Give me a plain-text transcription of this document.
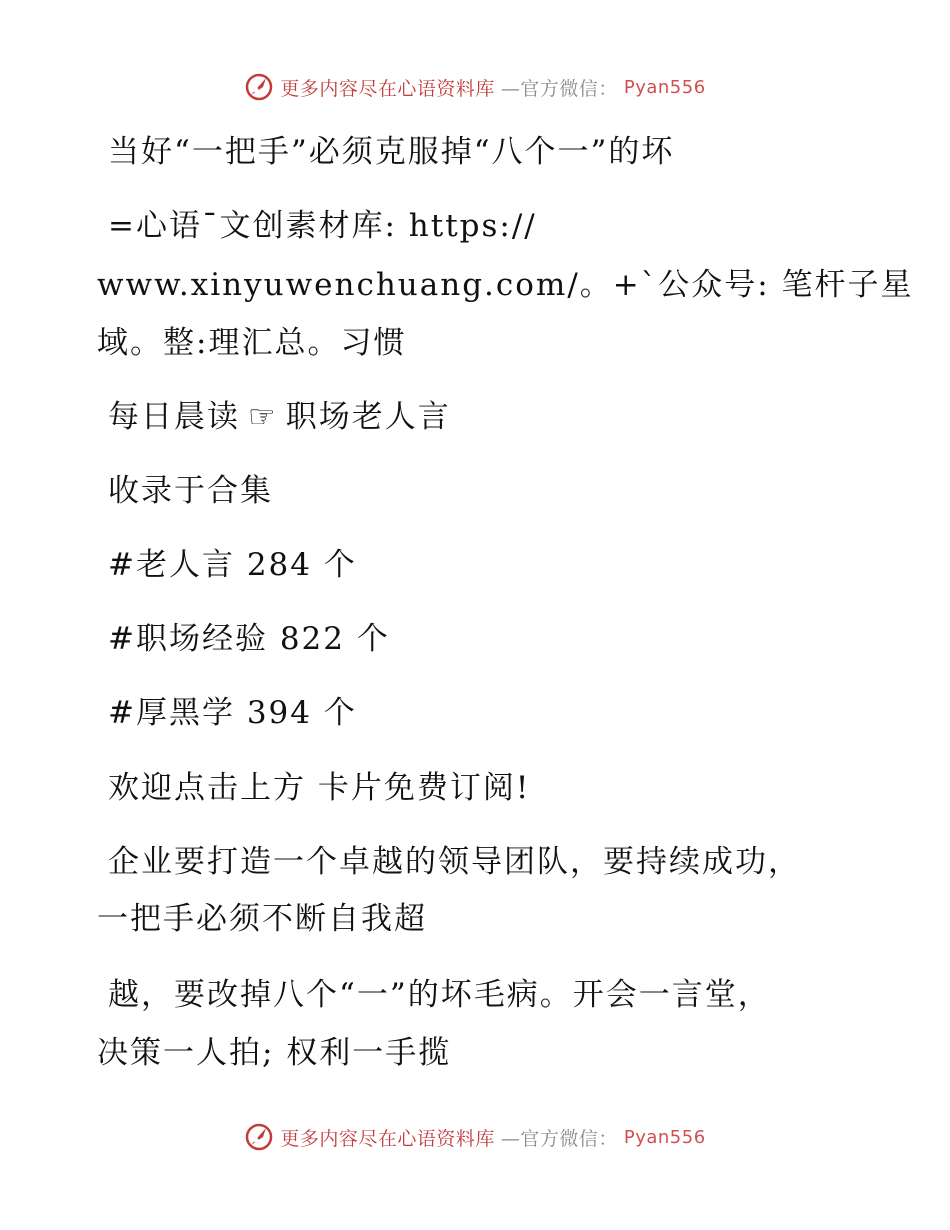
更多内容尽在心语资料库 —官方微信： Pyan556
当好“一把手”必须克服掉“八个一”的坏
=心语¯文创素材库: https://
www.xinyuwenchuang.com/。+`公众号: 笔杆子星
域。整:理汇总。习惯
每日晨读 ☞ 职场老人言
收录于合集
#老人言 284 个
#职场经验 822 个
#厚黑学 394 个
欢迎点击上方 卡片免费订阅!
企业要打造一个卓越的领导团队，要持续成功，
一把手必须不断自我超
越，要改掉八个“一”的坏毛病。开会一言堂，
决策一人拍; 权利一手揽
更多内容尽在心语资料库 —官方微信： Pyan556
